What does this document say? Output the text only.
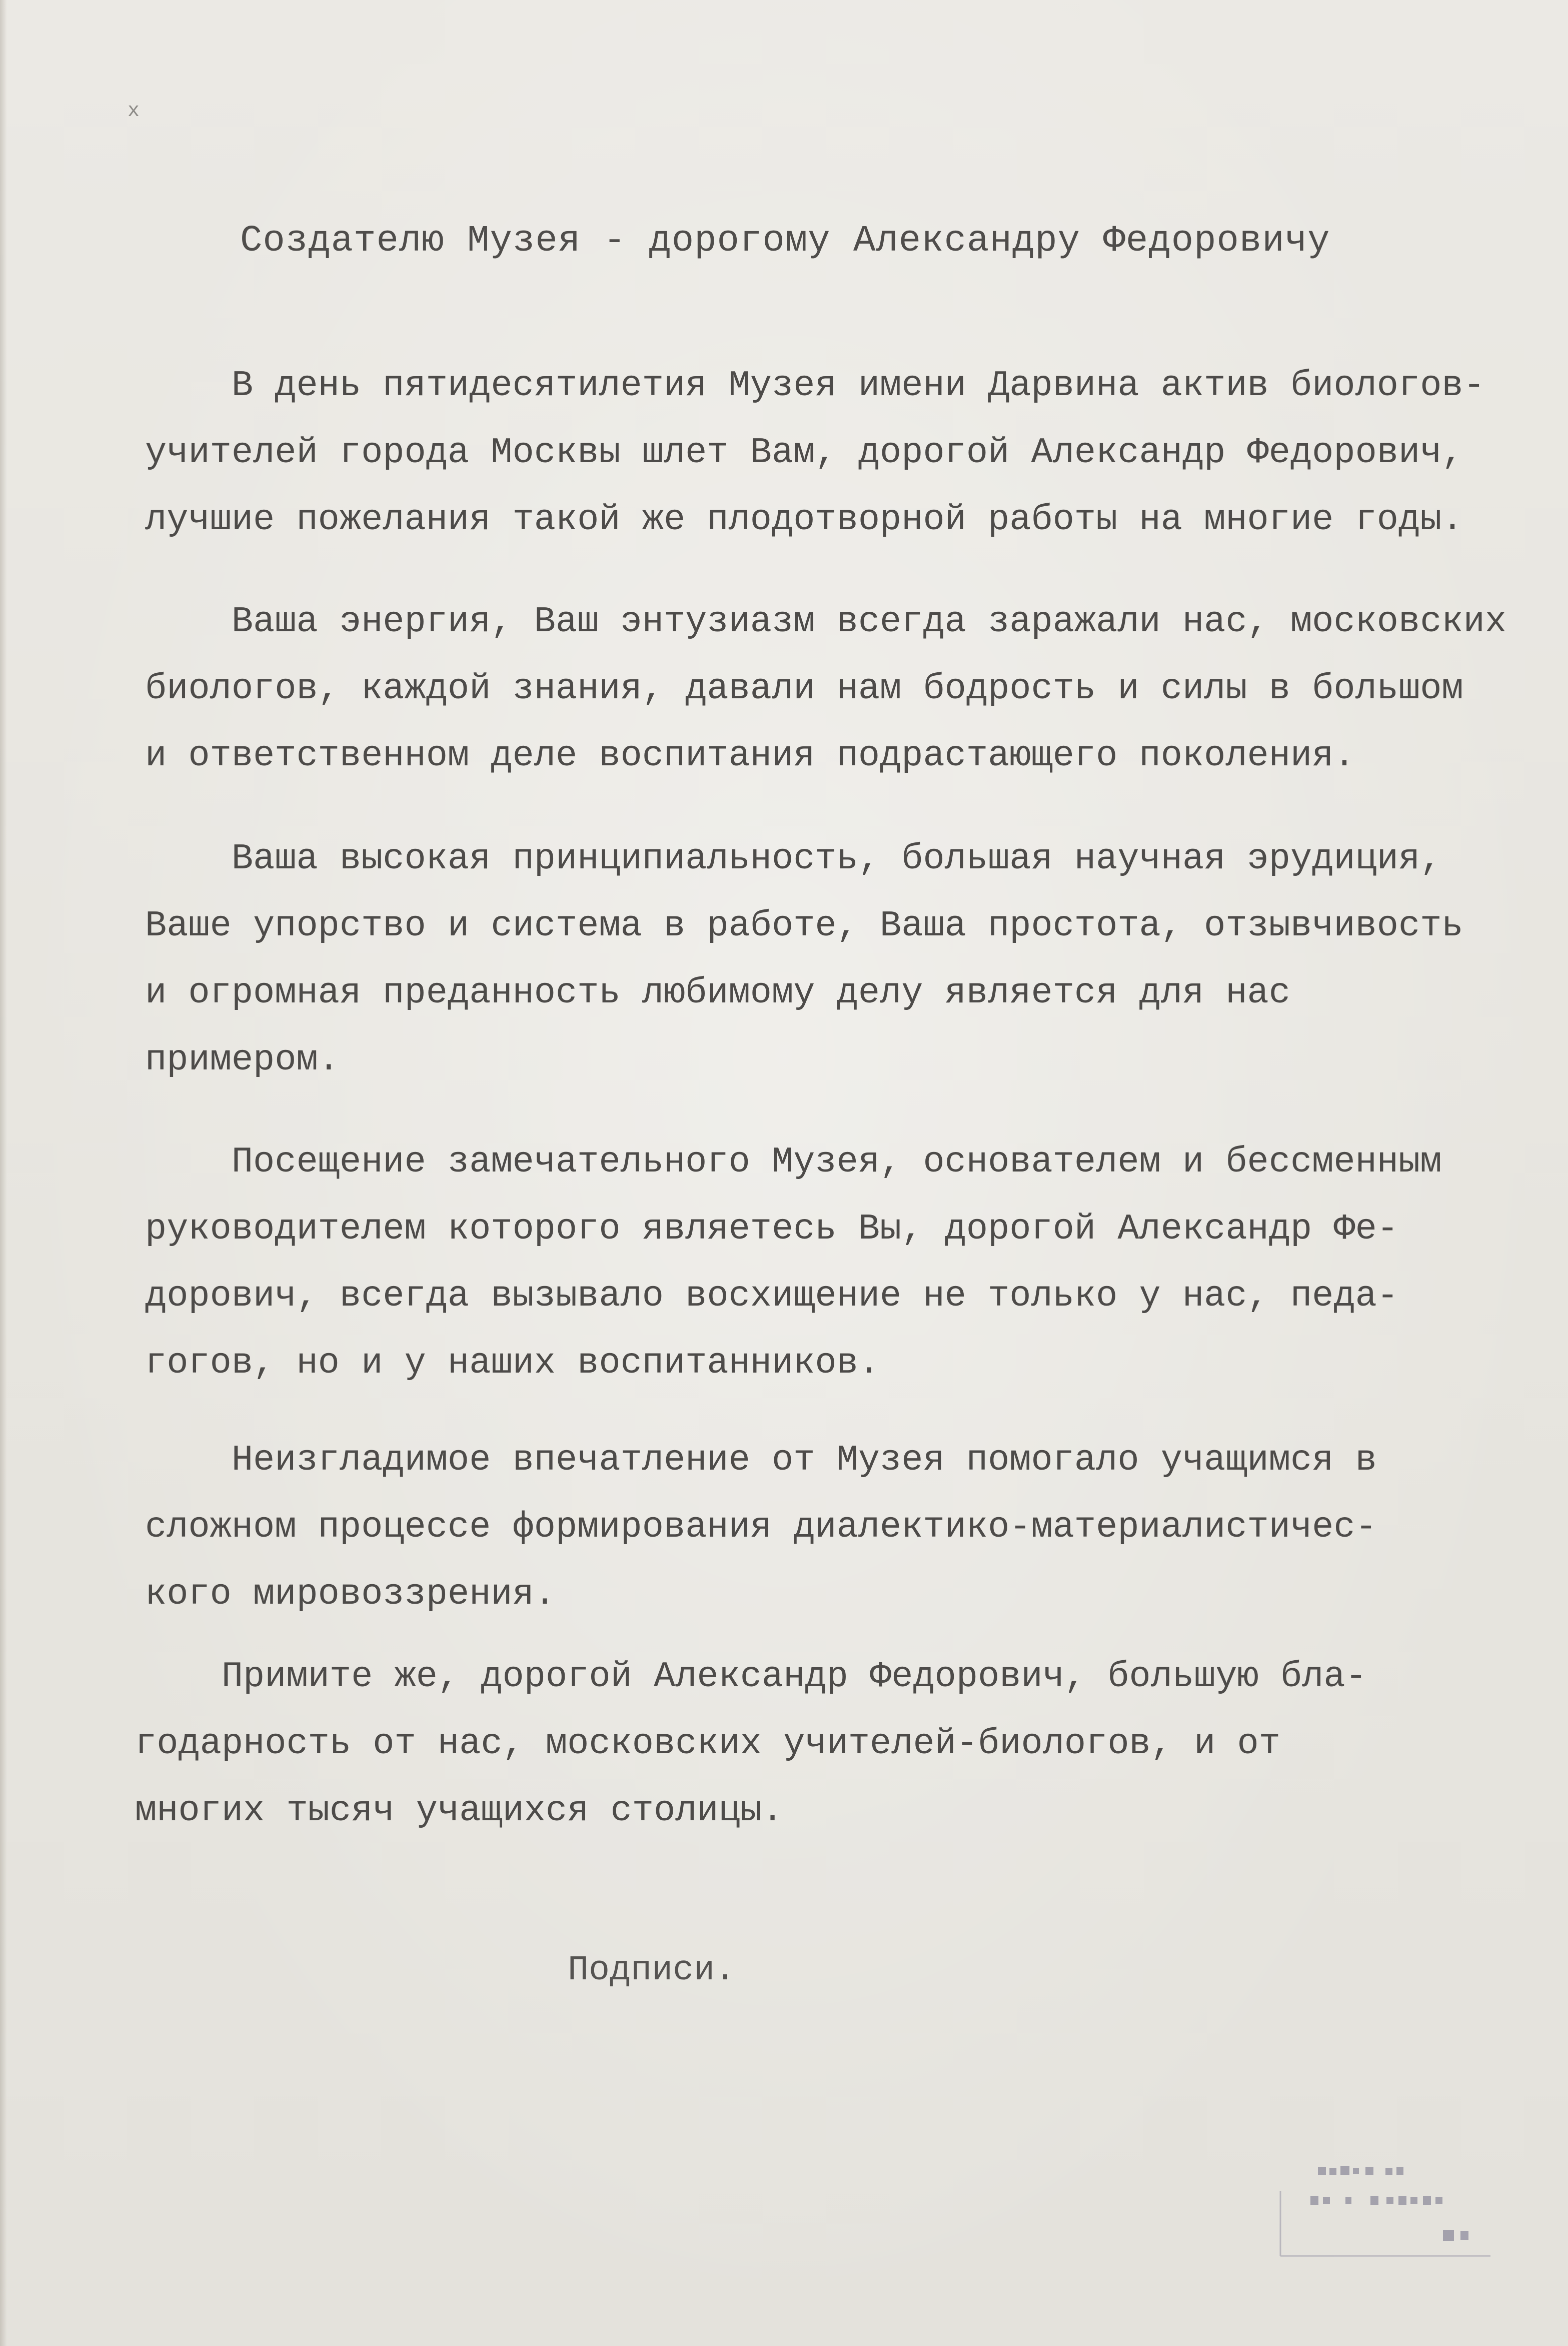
x
Создателю Музея - дорогому Александру Федоровичу

В день пятидесятилетия Музея имени Дарвина актив биологов-
учителей города Москвы шлет Вам, дорогой Александр Федорович,
лучшие пожелания такой же плодотворной работы на многие годы.

Ваша энергия, Ваш энтузиазм всегда заражали нас, московских
биологов, каждой знания, давали нам бодрость и силы в большом
и ответственном деле воспитания подрастающего поколения.

Ваша высокая принципиальность, большая научная эрудиция,
Ваше упорство и система в работе, Ваша простота, отзывчивость
и огромная преданность любимому делу является для нас
примером.

Посещение замечательного Музея, основателем и бессменным
руководителем которого являетесь Вы, дорогой Александр Фе-
дорович, всегда вызывало восхищение не только у нас, педа-
гогов, но и у наших воспитанников.

Неизгладимое впечатление от Музея помогало учащимся в
сложном процессе формирования диалектико-материалистичес-
кого мировоззрения.

Примите же, дорогой Александр Федорович, большую бла-
годарность от нас, московских учителей-биологов, и от
многих тысяч учащихся столицы.

Подписи.
